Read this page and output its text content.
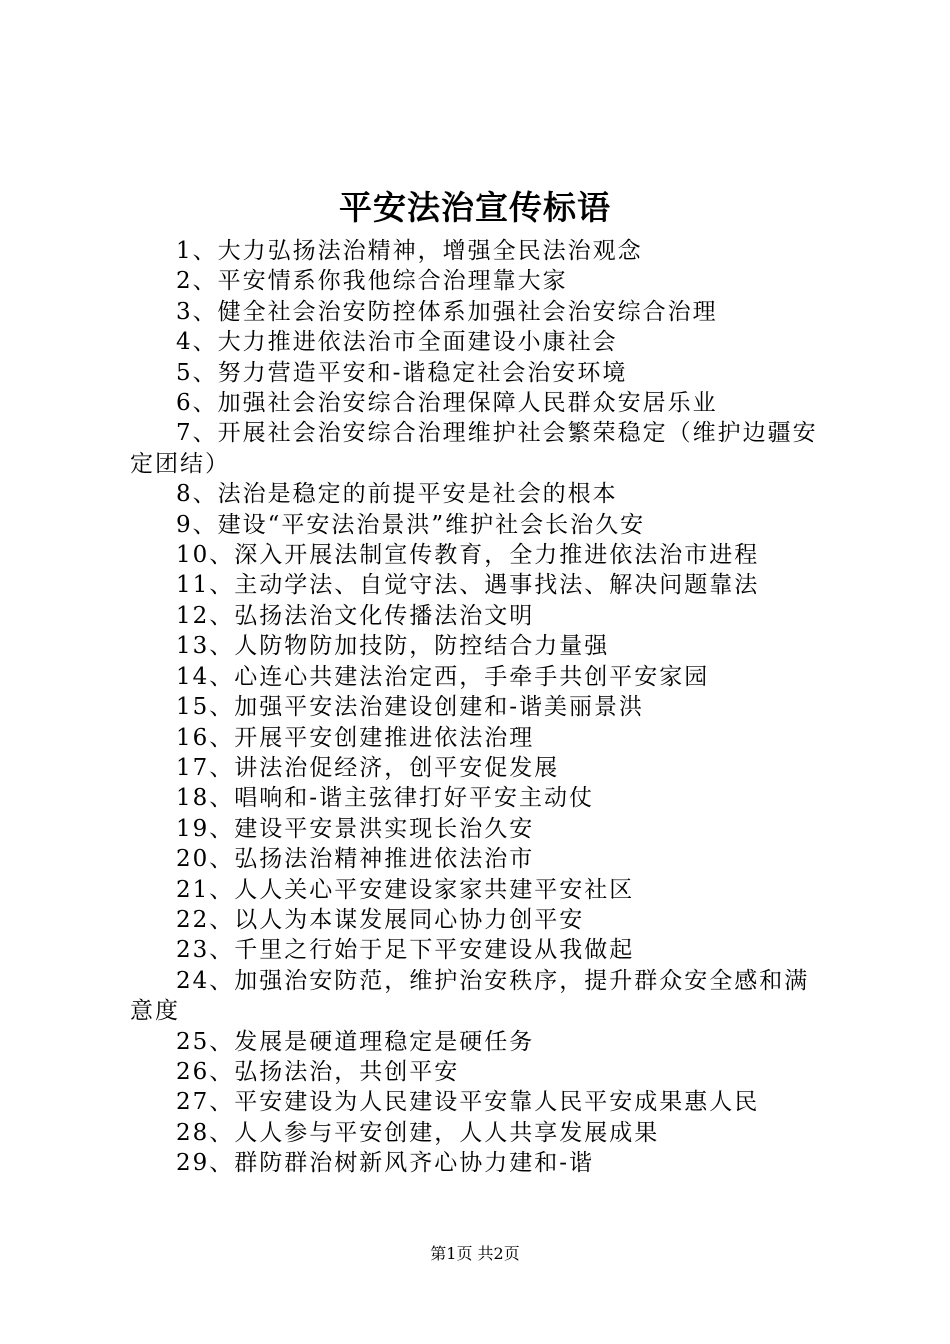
平安法治宣传标语
1、大力弘扬法治精神，增强全民法治观念
2、平安情系你我他综合治理靠大家
3、健全社会治安防控体系加强社会治安综合治理
4、大力推进依法治市全面建设小康社会
5、努力营造平安和-谐稳定社会治安环境
6、加强社会治安综合治理保障人民群众安居乐业
7、开展社会治安综合治理维护社会繁荣稳定（维护边疆安定团结）
8、法治是稳定的前提平安是社会的根本
9、建设“平安法治景洪”维护社会长治久安
10、深入开展法制宣传教育，全力推进依法治市进程
11、主动学法、自觉守法、遇事找法、解决问题靠法
12、弘扬法治文化传播法治文明
13、人防物防加技防，防控结合力量强
14、心连心共建法治定西，手牵手共创平安家园
15、加强平安法治建设创建和-谐美丽景洪
16、开展平安创建推进依法治理
17、讲法治促经济，创平安促发展
18、唱响和-谐主弦律打好平安主动仗
19、建设平安景洪实现长治久安
20、弘扬法治精神推进依法治市
21、人人关心平安建设家家共建平安社区
22、以人为本谋发展同心协力创平安
23、千里之行始于足下平安建设从我做起
24、加强治安防范，维护治安秩序，提升群众安全感和满意度
25、发展是硬道理稳定是硬任务
26、弘扬法治，共创平安
27、平安建设为人民建设平安靠人民平安成果惠人民
28、人人参与平安创建，人人共享发展成果
29、群防群治树新风齐心协力建和-谐
第1页 共2页
